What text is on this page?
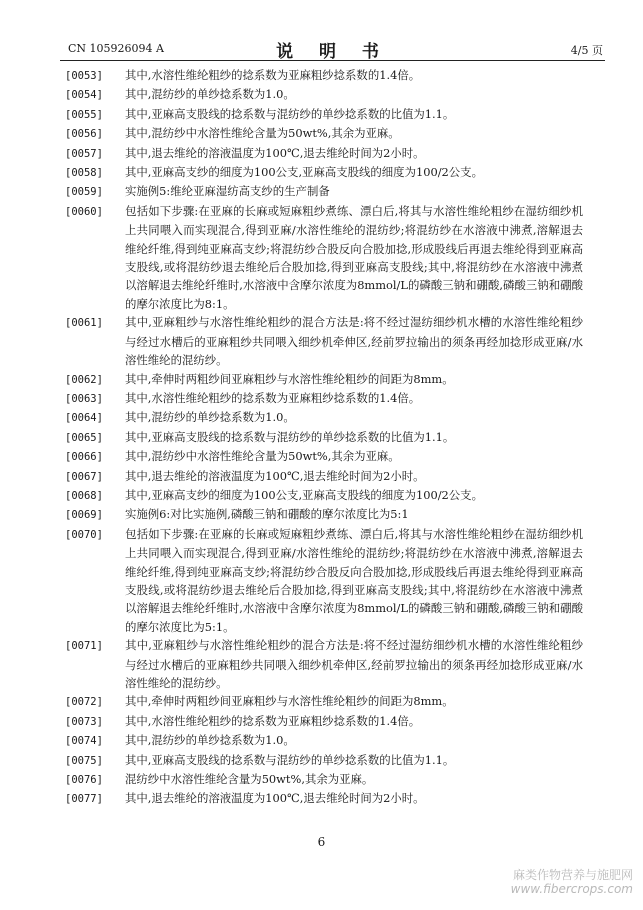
CN 105926094 A	说 明 书	4/5 页
[0053] 其中,水溶性维纶粗纱的捻系数为亚麻粗纱捻系数的1.4倍。
[0054] 其中,混纺纱的单纱捻系数为1.0。
[0055] 其中,亚麻高支股线的捻系数与混纺纱的单纱捻系数的比值为1.1。
[0056] 其中,混纺纱中水溶性维纶含量为50wt%,其余为亚麻。
[0057] 其中,退去维纶的溶液温度为100℃,退去维纶时间为2小时。
[0058] 其中,亚麻高支纱的细度为100公支,亚麻高支股线的细度为100/2公支。
[0059] 实施例5:维纶亚麻湿纺高支纱的生产制备
[0060] 包括如下步骤:在亚麻的长麻或短麻粗纱煮练、漂白后,将其与水溶性维纶粗纱在湿纺细纱机上共同喂入而实现混合,得到亚麻/水溶性维纶的混纺纱;将混纺纱在水溶液中沸煮,溶解退去维纶纤维,得到纯亚麻高支纱;将混纺纱合股反向合股加捻,形成股线后再退去维纶得到亚麻高支股线,或将混纺纱退去维纶后合股加捻,得到亚麻高支股线;其中,将混纺纱在水溶液中沸煮以溶解退去维纶纤维时,水溶液中含摩尔浓度为8mmol/L的磷酸三钠和硼酸,磷酸三钠和硼酸的摩尔浓度比为8:1。
[0061] 其中,亚麻粗纱与水溶性维纶粗纱的混合方法是:将不经过湿纺细纱机水槽的水溶性维纶粗纱与经过水槽后的亚麻粗纱共同喂入细纱机牵伸区,经前罗拉输出的须条再经加捻形成亚麻/水溶性维纶的混纺纱。
[0062] 其中,牵伸时两粗纱间亚麻粗纱与水溶性维纶粗纱的间距为8mm。
[0063] 其中,水溶性维纶粗纱的捻系数为亚麻粗纱捻系数的1.4倍。
[0064] 其中,混纺纱的单纱捻系数为1.0。
[0065] 其中,亚麻高支股线的捻系数与混纺纱的单纱捻系数的比值为1.1。
[0066] 其中,混纺纱中水溶性维纶含量为50wt%,其余为亚麻。
[0067] 其中,退去维纶的溶液温度为100℃,退去维纶时间为2小时。
[0068] 其中,亚麻高支纱的细度为100公支,亚麻高支股线的细度为100/2公支。
[0069] 实施例6:对比实施例,磷酸三钠和硼酸的摩尔浓度比为5:1
[0070] 包括如下步骤:在亚麻的长麻或短麻粗纱煮练、漂白后,将其与水溶性维纶粗纱在湿纺细纱机上共同喂入而实现混合,得到亚麻/水溶性维纶的混纺纱;将混纺纱在水溶液中沸煮,溶解退去维纶纤维,得到纯亚麻高支纱;将混纺纱合股反向合股加捻,形成股线后再退去维纶得到亚麻高支股线,或将混纺纱退去维纶后合股加捻,得到亚麻高支股线;其中,将混纺纱在水溶液中沸煮以溶解退去维纶纤维时,水溶液中含摩尔浓度为8mmol/L的磷酸三钠和硼酸,磷酸三钠和硼酸的摩尔浓度比为5:1。
[0071] 其中,亚麻粗纱与水溶性维纶粗纱的混合方法是:将不经过湿纺细纱机水槽的水溶性维纶粗纱与经过水槽后的亚麻粗纱共同喂入细纱机牵伸区,经前罗拉输出的须条再经加捻形成亚麻/水溶性维纶的混纺纱。
[0072] 其中,牵伸时两粗纱间亚麻粗纱与水溶性维纶粗纱的间距为8mm。
[0073] 其中,水溶性维纶粗纱的捻系数为亚麻粗纱捻系数的1.4倍。
[0074] 其中,混纺纱的单纱捻系数为1.0。
[0075] 其中,亚麻高支股线的捻系数与混纺纱的单纱捻系数的比值为1.1。
[0076] 混纺纱中水溶性维纶含量为50wt%,其余为亚麻。
[0077] 其中,退去维纶的溶液温度为100℃,退去维纶时间为2小时。
6
麻类作物营养与施肥网
www.fibercrops.com
